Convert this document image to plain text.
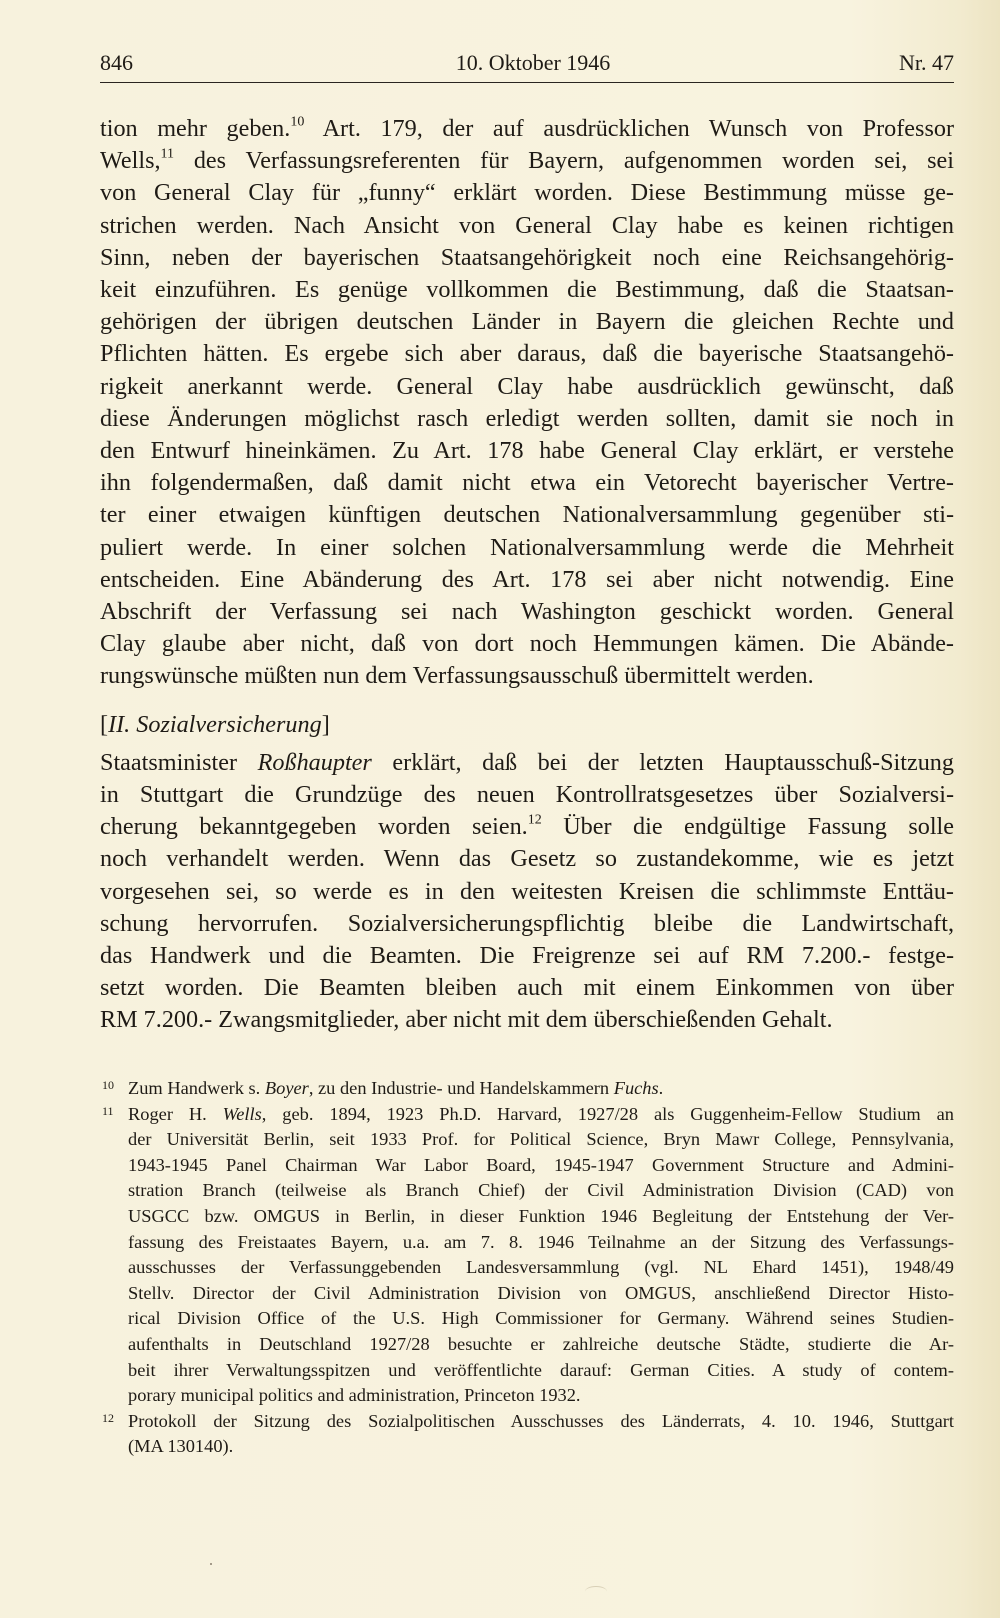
846	10. Oktober 1946	Nr. 47

tion mehr geben.$^{10}$ Art. 179, der auf ausdrücklichen Wunsch von Professor
Wells,$^{11}$ des Verfassungsreferenten für Bayern, aufgenommen worden sei, sei
von General Clay für „funny“ erklärt worden. Diese Bestimmung müsse ge-
strichen werden. Nach Ansicht von General Clay habe es keinen richtigen
Sinn, neben der bayerischen Staatsangehörigkeit noch eine Reichsangehörig-
keit einzuführen. Es genüge vollkommen die Bestimmung, daß die Staatsan-
gehörigen der übrigen deutschen Länder in Bayern die gleichen Rechte und
Pflichten hätten. Es ergebe sich aber daraus, daß die bayerische Staatsangehö-
rigkeit anerkannt werde. General Clay habe ausdrücklich gewünscht, daß
diese Änderungen möglichst rasch erledigt werden sollten, damit sie noch in
den Entwurf hineinkämen. Zu Art. 178 habe General Clay erklärt, er verstehe
ihn folgendermaßen, daß damit nicht etwa ein Vetorecht bayerischer Vertre-
ter einer etwaigen künftigen deutschen Nationalversammlung gegenüber sti-
puliert werde. In einer solchen Nationalversammlung werde die Mehrheit
entscheiden. Eine Abänderung des Art. 178 sei aber nicht notwendig. Eine
Abschrift der Verfassung sei nach Washington geschickt worden. General
Clay glaube aber nicht, daß von dort noch Hemmungen kämen. Die Abände-
rungswünsche müßten nun dem Verfassungsausschuß übermittelt werden.

[II. Sozialversicherung]

Staatsminister Roßhaupter erklärt, daß bei der letzten Hauptausschuß-Sitzung
in Stuttgart die Grundzüge des neuen Kontrollratsgesetzes über Sozialversi-
cherung bekanntgegeben worden seien.$^{12}$ Über die endgültige Fassung solle
noch verhandelt werden. Wenn das Gesetz so zustandekomme, wie es jetzt
vorgesehen sei, so werde es in den weitesten Kreisen die schlimmste Enttäu-
schung hervorrufen. Sozialversicherungspflichtig bleibe die Landwirtschaft,
das Handwerk und die Beamten. Die Freigrenze sei auf RM 7.200.- festge-
setzt worden. Die Beamten bleiben auch mit einem Einkommen von über
RM 7.200.- Zwangsmitglieder, aber nicht mit dem überschießenden Gehalt.

10 Zum Handwerk s. Boyer, zu den Industrie- und Handelskammern Fuchs.
11 Roger H. Wells, geb. 1894, 1923 Ph.D. Harvard, 1927/28 als Guggenheim-Fellow Studium an
der Universität Berlin, seit 1933 Prof. for Political Science, Bryn Mawr College, Pennsylvania,
1943-1945 Panel Chairman War Labor Board, 1945-1947 Government Structure and Admini-
stration Branch (teilweise als Branch Chief) der Civil Administration Division (CAD) von
USGCC bzw. OMGUS in Berlin, in dieser Funktion 1946 Begleitung der Entstehung der Ver-
fassung des Freistaates Bayern, u.a. am 7. 8. 1946 Teilnahme an der Sitzung des Verfassungs-
ausschusses der Verfassunggebenden Landesversammlung (vgl. NL Ehard 1451), 1948/49
Stellv. Director der Civil Administration Division von OMGUS, anschließend Director Histo-
rical Division Office of the U.S. High Commissioner for Germany. Während seines Studien-
aufenthalts in Deutschland 1927/28 besuchte er zahlreiche deutsche Städte, studierte die Ar-
beit ihrer Verwaltungsspitzen und veröffentlichte darauf: German Cities. A study of contem-
porary municipal politics and administration, Princeton 1932.
12 Protokoll der Sitzung des Sozialpolitischen Ausschusses des Länderrats, 4. 10. 1946, Stuttgart
(MA 130140).
